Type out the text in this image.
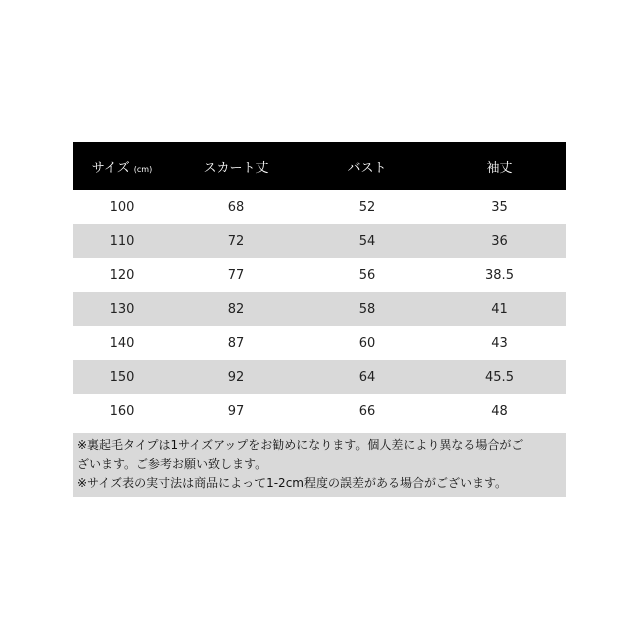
サイズ (cm)	スカート丈	バスト	袖丈
100	68	52	35
110	72	54	36
120	77	56	38.5
130	82	58	41
140	87	60	43
150	92	64	45.5
160	97	66	48
※裏起毛タイプは1サイズアップをお勧めになります。個人差により異なる場合がご
ざいます。ご参考お願い致します。
※サイズ表の実寸法は商品によって1-2cm程度の誤差がある場合がございます。
